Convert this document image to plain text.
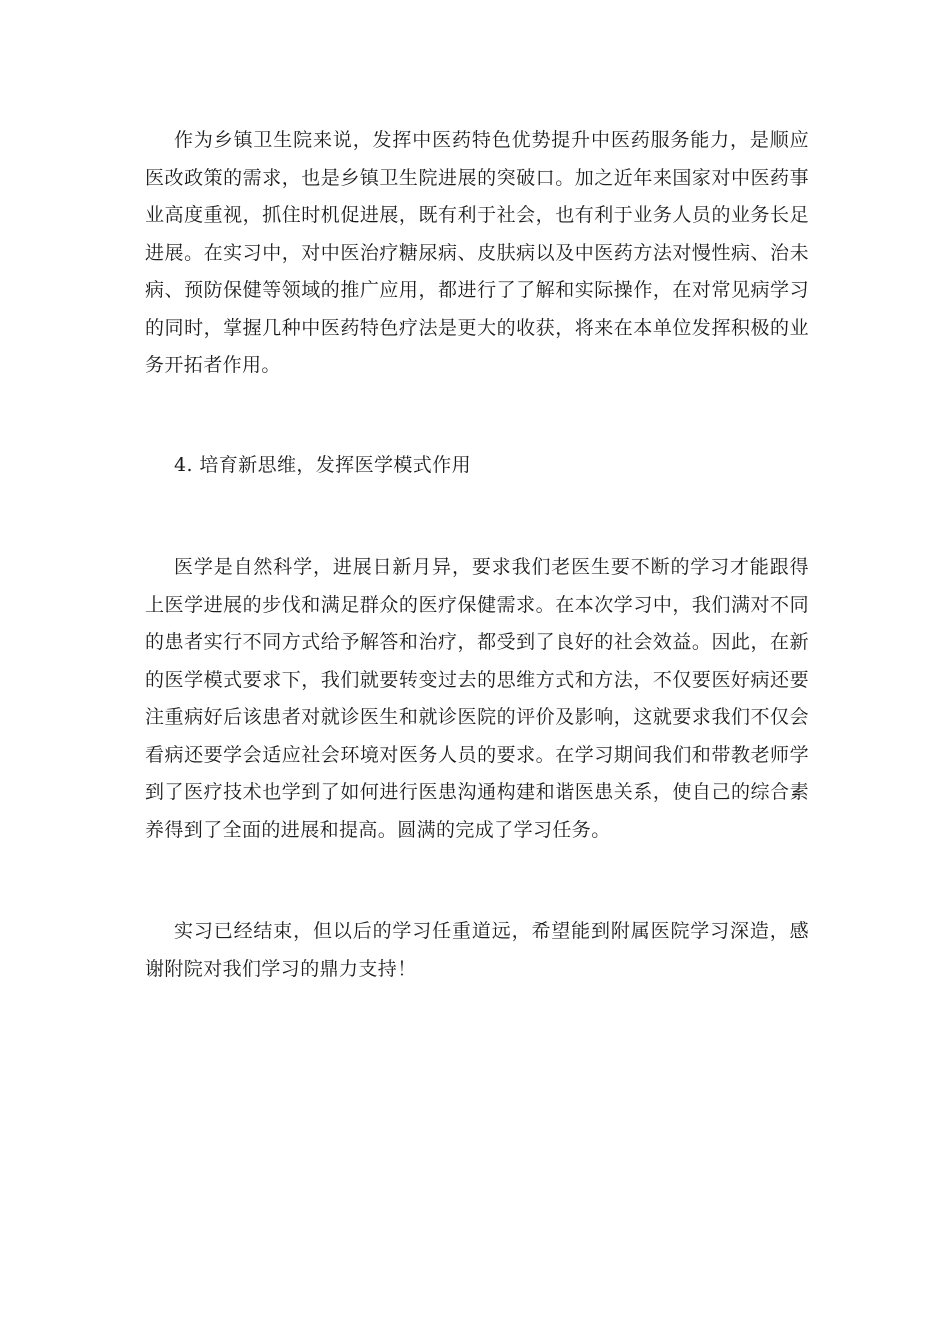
作为乡镇卫生院来说，发挥中医药特色优势提升中医药服务能力，是顺应医改政策的需求，也是乡镇卫生院进展的突破口。加之近年来国家对中医药事业高度重视，抓住时机促进展，既有利于社会，也有利于业务人员的业务长足进展。在实习中，对中医治疗糖尿病、皮肤病以及中医药方法对慢性病、治未病、预防保健等领域的推广应用，都进行了了解和实际操作，在对常见病学习的同时，掌握几种中医药特色疗法是更大的收获，将来在本单位发挥积极的业务开拓者作用。

4. 培育新思维，发挥医学模式作用

医学是自然科学，进展日新月异，要求我们老医生要不断的学习才能跟得上医学进展的步伐和满足群众的医疗保健需求。在本次学习中，我们满对不同的患者实行不同方式给予解答和治疗，都受到了良好的社会效益。因此，在新的医学模式要求下，我们就要转变过去的思维方式和方法，不仅要医好病还要注重病好后该患者对就诊医生和就诊医院的评价及影响，这就要求我们不仅会看病还要学会适应社会环境对医务人员的要求。在学习期间我们和带教老师学到了医疗技术也学到了如何进行医患沟通构建和谐医患关系，使自己的综合素养得到了全面的进展和提高。圆满的完成了学习任务。

实习已经结束，但以后的学习任重道远，希望能到附属医院学习深造，感谢附院对我们学习的鼎力支持！
